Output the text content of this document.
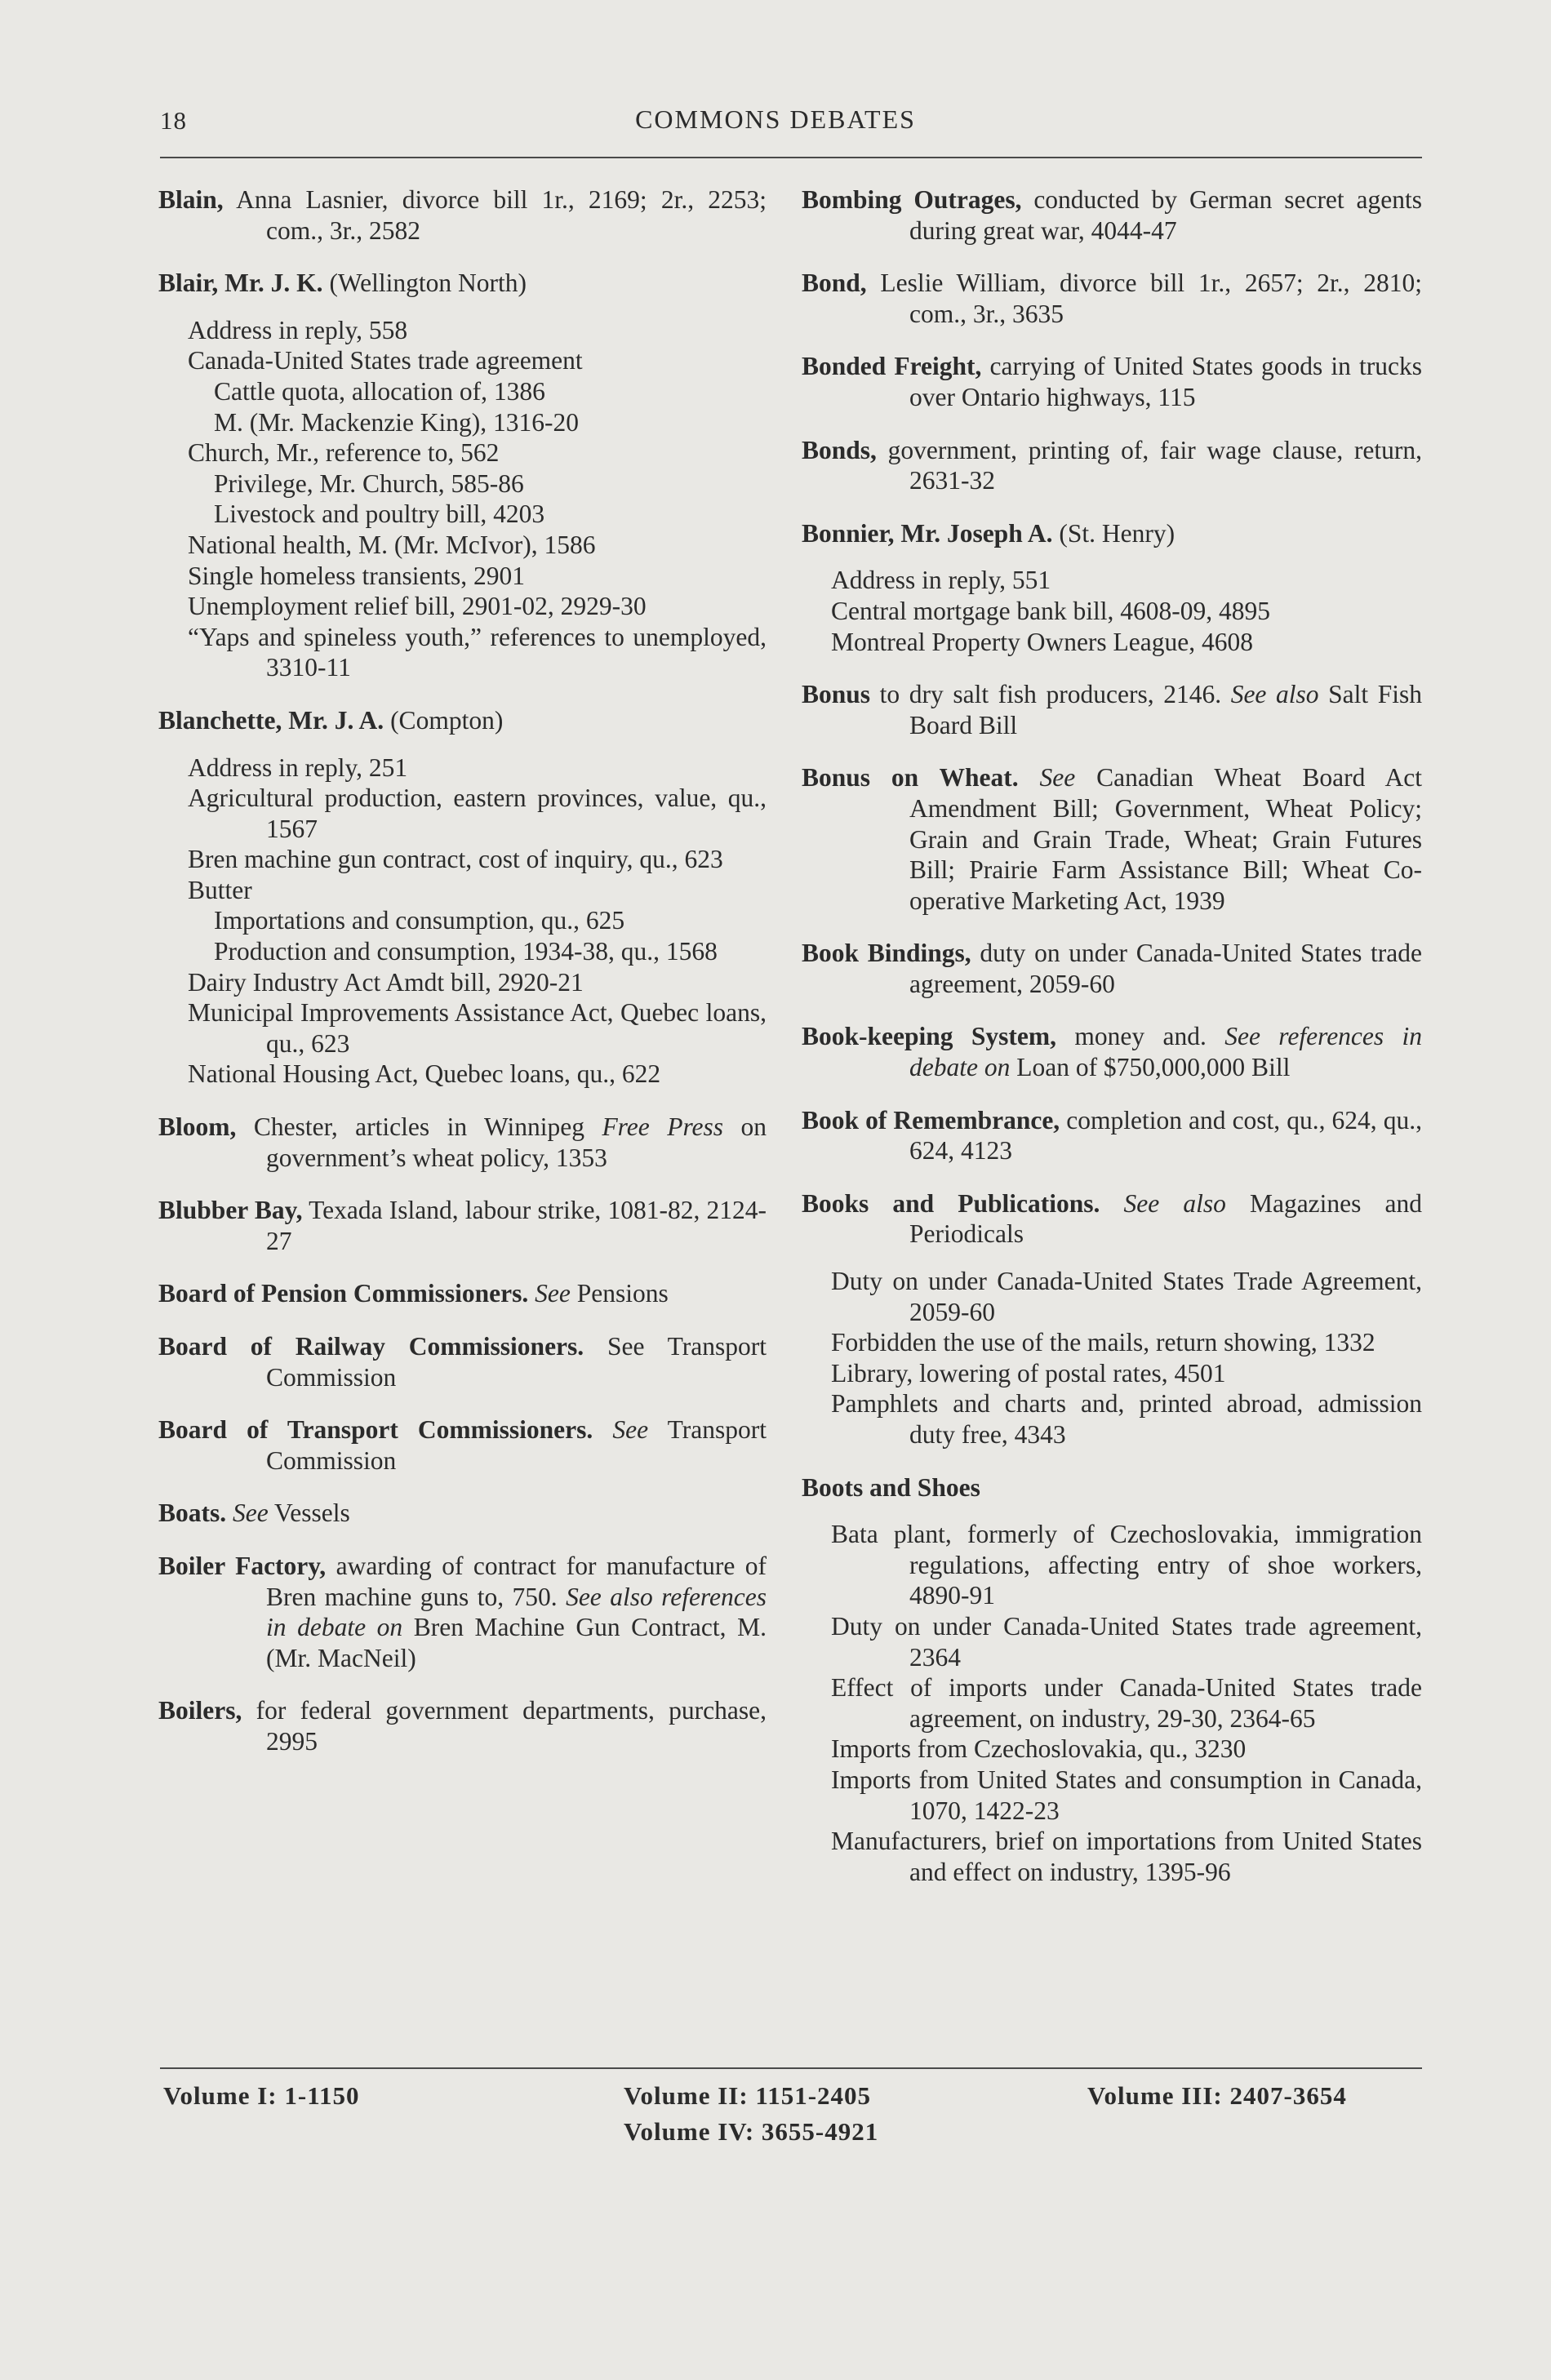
18	COMMONS DEBATES
Blain, Anna Lasnier, divorce bill 1r., 2169; 2r., 2253; com., 3r., 2582
Blair, Mr. J. K. (Wellington North)
Address in reply, 558
Canada-United States trade agreement
Cattle quota, allocation of, 1386
M. (Mr. Mackenzie King), 1316-20
Church, Mr., reference to, 562
Privilege, Mr. Church, 585-86
Livestock and poultry bill, 4203
National health, M. (Mr. McIvor), 1586
Single homeless transients, 2901
Unemployment relief bill, 2901-02, 2929-30
“Yaps and spineless youth,” references to unemployed, 3310-11
Blanchette, Mr. J. A. (Compton)
Address in reply, 251
Agricultural production, eastern provinces, value, qu., 1567
Bren machine gun contract, cost of inquiry, qu., 623
Butter
Importations and consumption, qu., 625
Production and consumption, 1934-38, qu., 1568
Dairy Industry Act Amdt bill, 2920-21
Municipal Improvements Assistance Act, Quebec loans, qu., 623
National Housing Act, Quebec loans, qu., 622
Bloom, Chester, articles in Winnipeg Free Press on government’s wheat policy, 1353
Blubber Bay, Texada Island, labour strike, 1081-82, 2124-27
Board of Pension Commissioners. See Pensions
Board of Railway Commissioners. See Transport Commission
Board of Transport Commissioners. See Transport Commission
Boats. See Vessels
Boiler Factory, awarding of contract for manufacture of Bren machine guns to, 750. See also references in debate on Bren Machine Gun Contract, M. (Mr. MacNeil)
Boilers, for federal government departments, purchase, 2995
Bombing Outrages, conducted by German secret agents during great war, 4044-47
Bond, Leslie William, divorce bill 1r., 2657; 2r., 2810; com., 3r., 3635
Bonded Freight, carrying of United States goods in trucks over Ontario highways, 115
Bonds, government, printing of, fair wage clause, return, 2631-32
Bonnier, Mr. Joseph A. (St. Henry)
Address in reply, 551
Central mortgage bank bill, 4608-09, 4895
Montreal Property Owners League, 4608
Bonus to dry salt fish producers, 2146. See also Salt Fish Board Bill
Bonus on Wheat. See Canadian Wheat Board Act Amendment Bill; Government, Wheat Policy; Grain and Grain Trade, Wheat; Grain Futures Bill; Prairie Farm Assistance Bill; Wheat Co-operative Marketing Act, 1939
Book Bindings, duty on under Canada-United States trade agreement, 2059-60
Book-keeping System, money and. See references in debate on Loan of $750,000,000 Bill
Book of Remembrance, completion and cost, qu., 624, qu., 624, 4123
Books and Publications. See also Magazines and Periodicals
Duty on under Canada-United States Trade Agreement, 2059-60
Forbidden the use of the mails, return showing, 1332
Library, lowering of postal rates, 4501
Pamphlets and charts and, printed abroad, admission duty free, 4343
Boots and Shoes
Bata plant, formerly of Czechoslovakia, immigration regulations, affecting entry of shoe workers, 4890-91
Duty on under Canada-United States trade agreement, 2364
Effect of imports under Canada-United States trade agreement, on industry, 29-30, 2364-65
Imports from Czechoslovakia, qu., 3230
Imports from United States and consumption in Canada, 1070, 1422-23
Manufacturers, brief on importations from United States and effect on industry, 1395-96
Volume I: 1-1150	Volume II: 1151-2405
Volume IV: 3655-4921
Volume III: 2407-3654
